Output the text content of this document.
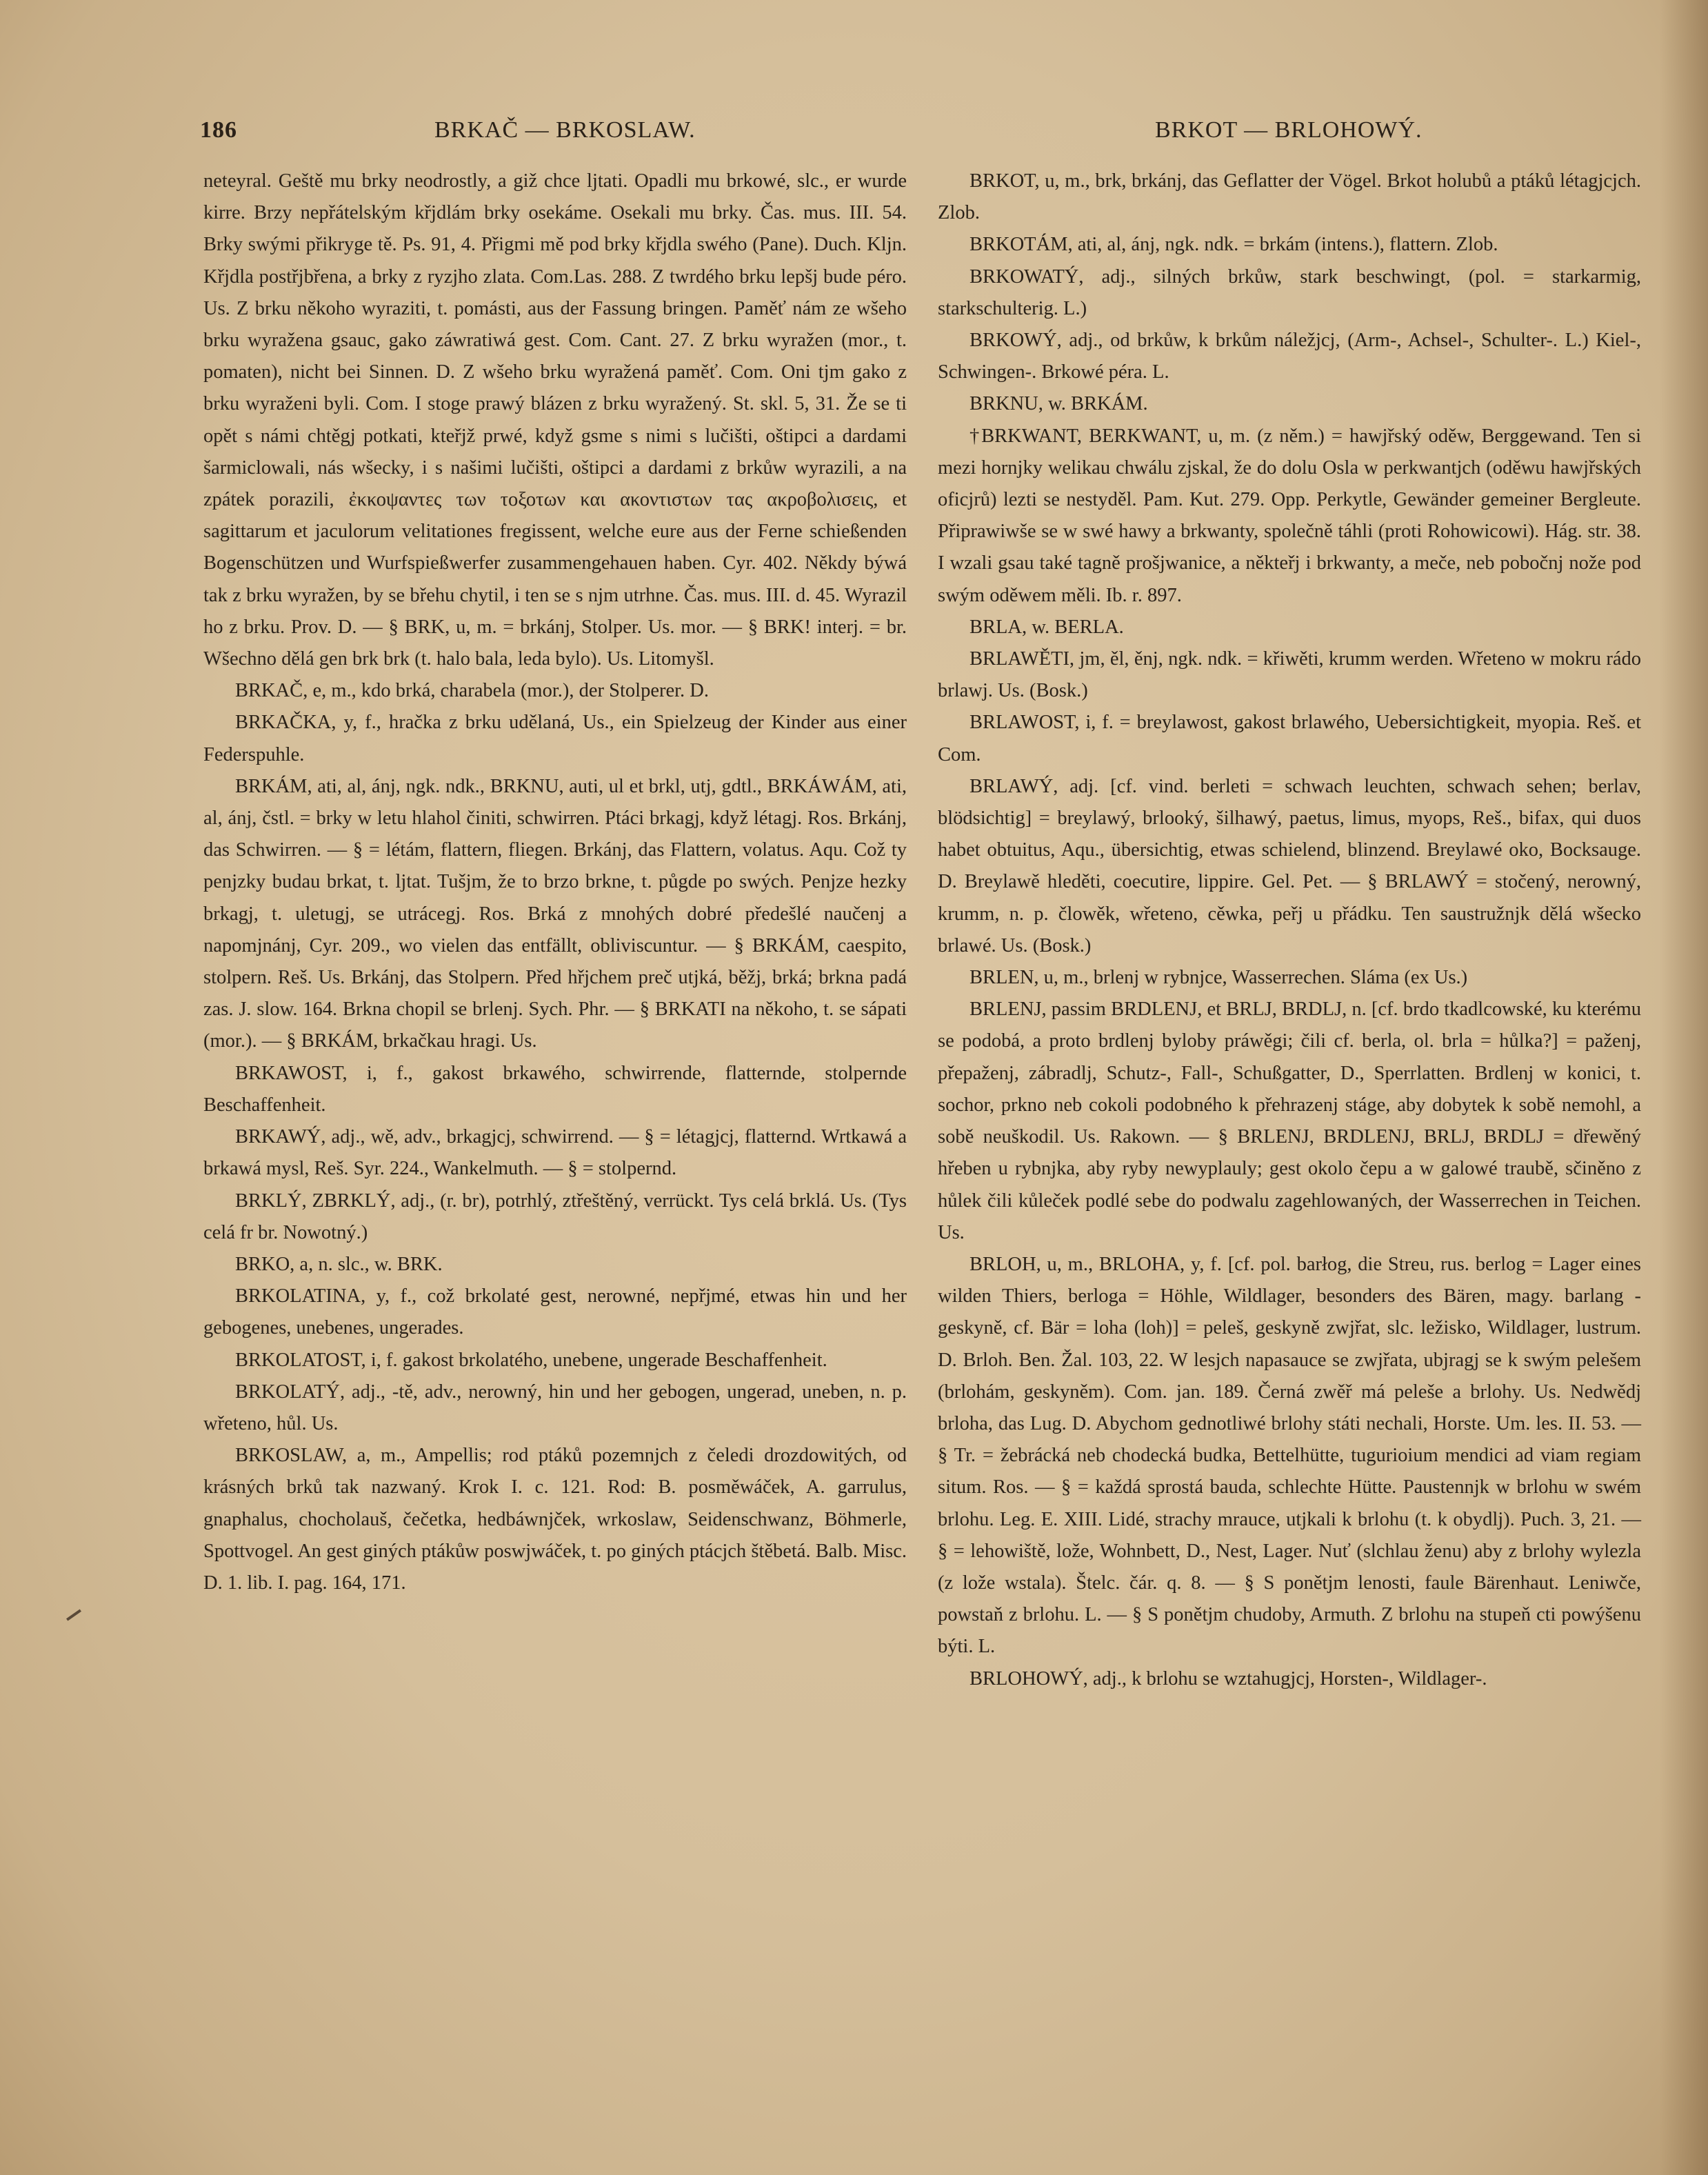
186	BRKAČ — BRKOSLAW.	BRKOT — BRLOHOWÝ.

neteyral. Geště mu brky neodrostly, a giž chce ljtati. Opadli mu brkowé, slc., er wurde kirre. Brzy nepřátelským křjdlám brky osekáme. Osekali mu brky. Čas. mus. III. 54. Brky swými přikryge tě. Ps. 91, 4. Přigmi mě pod brky křjdla swého (Pane). Duch. Kljn. Křjdla postřjbřena, a brky z ryzjho zlata. Com.Las. 288. Z twrdého brku lepšj bude péro. Us. Z brku někoho wyraziti, t. pomásti, aus der Fassung bringen. Paměť nám ze wšeho brku wyražena gsauc, gako záwratiwá gest. Com. Cant. 27. Z brku wyražen (mor., t. pomaten), nicht bei Sinnen. D. Z wšeho brku wyražená paměť. Com. Oni tjm gako z brku wyraženi byli. Com. I stoge prawý blázen z brku wyražený. St. skl. 5, 31. Že se ti opět s námi chtěgj potkati, kteřjž prwé, když gsme s nimi s lučišti, oštipci a dardami šarmiclowali, nás wšecky, i s našimi lučišti, oštipci a dardami z brkůw wyrazili, a na zpátek porazili, ἐκκοψαντες των τοξοτων και ακοντιστων τας ακροβολισεις, et sagittarum et jaculorum velitationes fregissent, welche eure aus der Ferne schießenden Bogenschützen und Wurfspießwerfer zusammengehauen haben. Cyr. 402. Někdy býwá tak z brku wyražen, by se břehu chytil, i ten se s njm utrhne. Čas. mus. III. d. 45. Wyrazil ho z brku. Prov. D. — § BRK, u, m. = brkánj, Stolper. Us. mor. — § BRK! interj. = br. Wšechno dělá gen brk brk (t. halo bala, leda bylo). Us. Litomyšl.

BRKAČ, e, m., kdo brká, charabela (mor.), der Stolperer. D.

BRKAČKA, y, f., hračka z brku udělaná, Us., ein Spielzeug der Kinder aus einer Federspuhle.

BRKÁM, ati, al, ánj, ngk. ndk., BRKNU, auti, ul et brkl, utj, gdtl., BRKÁWÁM, ati, al, ánj, čstl. = brky w letu hlahol činiti, schwirren. Ptáci brkagj, když létagj. Ros. Brkánj, das Schwirren. — § = létám, flattern, fliegen. Brkánj, das Flattern, volatus. Aqu. Což ty penjzky budau brkat, t. ljtat. Tušjm, že to brzo brkne, t. půgde po swých. Penjze hezky brkagj, t. uletugj, se utrácegj. Ros. Brká z mnohých dobré předešlé naučenj a napomjnánj, Cyr. 209., wo vielen das entfällt, obliviscuntur. — § BRKÁM, caespito, stolpern. Reš. Us. Brkánj, das Stolpern. Před hřjchem preč utjká, běžj, brká; brkna padá zas. J. slow. 164. Brkna chopil se brlenj. Sych. Phr. — § BRKATI na někoho, t. se sápati (mor.). — § BRKÁM, brkačkau hragi. Us.

BRKAWOST, i, f., gakost brkawého, schwirrende, flatternde, stolpernde Beschaffenheit.

BRKAWÝ, adj., wě, adv., brkagjcj, schwirrend. — § = létagjcj, flatternd. Wrtkawá a brkawá mysl, Reš. Syr. 224., Wankelmuth. — § = stolpernd.

BRKLÝ, ZBRKLÝ, adj., (r. br), potrhlý, ztřeštěný, verrückt. Tys celá brklá. Us. (Tys celá fr br. Nowotný.)

BRKO, a, n. slc., w. BRK.

BRKOLATINA, y, f., což brkolaté gest, nerowné, nepřjmé, etwas hin und her gebogenes, unebenes, ungerades.

BRKOLATOST, i, f. gakost brkolatého, unebene, ungerade Beschaffenheit.

BRKOLATÝ, adj., -tě, adv., nerowný, hin und her gebogen, ungerad, uneben, n. p. wřeteno, hůl. Us.

BRKOSLAW, a, m., Ampellis; rod ptáků pozemnjch z čeledi drozdowitých, od krásných brků tak nazwaný. Krok I. c. 121. Rod: B. posměwáček, A. garrulus, gnaphalus, chocholauš, čečetka, hedbáwnjček, wrkoslaw, Seidenschwanz, Böhmerle, Spottvogel. An gest giných ptákůw poswjwáček, t. po giných ptácjch štěbetá. Balb. Misc. D. 1. lib. I. pag. 164, 171.

BRKOT, u, m., brk, brkánj, das Geflatter der Vögel. Brkot holubů a ptáků létagjcjch. Zlob.

BRKOTÁM, ati, al, ánj, ngk. ndk. = brkám (intens.), flattern. Zlob.

BRKOWATÝ, adj., silných brkůw, stark beschwingt, (pol. = starkarmig, starkschulterig. L.)

BRKOWÝ, adj., od brkůw, k brkům náležjcj, (Arm-, Achsel-, Schulter-. L.) Kiel-, Schwingen-. Brkowé péra. L.

BRKNU, w. BRKÁM.

†BRKWANT, BERKWANT, u, m. (z něm.) = hawjřský oděw, Berggewand. Ten si mezi hornjky welikau chwálu zjskal, že do dolu Osla w perkwantjch (oděwu hawjřských oficjrů) lezti se nestyděl. Pam. Kut. 279. Opp. Perkytle, Gewänder gemeiner Bergleute. Připrawiwše se w swé hawy a brkwanty, společně táhli (proti Rohowicowi). Hág. str. 38. I wzali gsau také tagně prošjwanice, a někteřj i brkwanty, a meče, neb pobočnj nože pod swým oděwem měli. Ib. r. 897.

BRLA, w. BERLA.

BRLAWĚTI, jm, ěl, ěnj, ngk. ndk. = křiwěti, krumm werden. Wřeteno w mokru rádo brlawj. Us. (Bosk.)

BRLAWOST, i, f. = breylawost, gakost brlawého, Uebersichtigkeit, myopia. Reš. et Com.

BRLAWÝ, adj. [cf. vind. berleti = schwach leuchten, schwach sehen; berlav, blödsichtig] = breylawý, brlooký, šilhawý, paetus, limus, myops, Reš., bifax, qui duos habet obtuitus, Aqu., übersichtig, etwas schielend, blinzend. Breylawé oko, Bocksauge. D. Breylawě hleděti, coecutire, lippire. Gel. Pet. — § BRLAWÝ = stočený, nerowný, krumm, n. p. člowěk, wřeteno, cěwka, peřj u přádku. Ten saustružnjk dělá wšecko brlawé. Us. (Bosk.)

BRLEN, u, m., brlenj w rybnjce, Wasserrechen. Sláma (ex Us.)

BRLENJ, passim BRDLENJ, et BRLJ, BRDLJ, n. [cf. brdo tkadlcowské, ku kterému se podobá, a proto brdlenj byloby práwěgi; čili cf. berla, ol. brla = hůlka?] = paženj, přepaženj, zábradlj, Schutz-, Fall-, Schußgatter, D., Sperrlatten. Brdlenj w konici, t. sochor, prkno neb cokoli podobného k přehrazenj stáge, aby dobytek k sobě nemohl, a sobě neuškodil. Us. Rakown. — § BRLENJ, BRDLENJ, BRLJ, BRDLJ = dřewěný hřeben u rybnjka, aby ryby newyplauly; gest okolo čepu a w galowé traubě, sčiněno z hůlek čili kůleček podlé sebe do podwalu zagehlowaných, der Wasserrechen in Teichen. Us.

BRLOH, u, m., BRLOHA, y, f. [cf. pol. barłog, die Streu, rus. berlog = Lager eines wilden Thiers, berloga = Höhle, Wildlager, besonders des Bären, magy. barlang - geskyně, cf. Bär = loha (loh)] = peleš, geskyně zwjřat, slc. ležisko, Wildlager, lustrum. D. Brloh. Ben. Žal. 103, 22. W lesjch napasauce se zwjřata, ubjragj se k swým pelešem (brlohám, geskyněm). Com. jan. 189. Černá zwěř má peleše a brlohy. Us. Nedwědj brloha, das Lug. D. Abychom gednotliwé brlohy státi nechali, Horste. Um. les. II. 53. — § Tr. = žebrácká neb chodecká budka, Bettelhütte, tugurioium mendici ad viam regiam situm. Ros. — § = každá sprostá bauda, schlechte Hütte. Paustennjk w brlohu w swém brlohu. Leg. E. XIII. Lidé, strachy mrauce, utjkali k brlohu (t. k obydlj). Puch. 3, 21. — § = lehowiště, lože, Wohnbett, D., Nest, Lager. Nuť (slchlau ženu) aby z brlohy wylezla (z lože wstala). Štelc. čár. q. 8. — § S ponětjm lenosti, faule Bärenhaut. Leniwče, powstaň z brlohu. L. — § S ponětjm chudoby, Armuth. Z brlohu na stupeň cti powýšenu býti. L.

BRLOHOWÝ, adj., k brlohu se wztahugjcj, Horsten-, Wildlager-.
